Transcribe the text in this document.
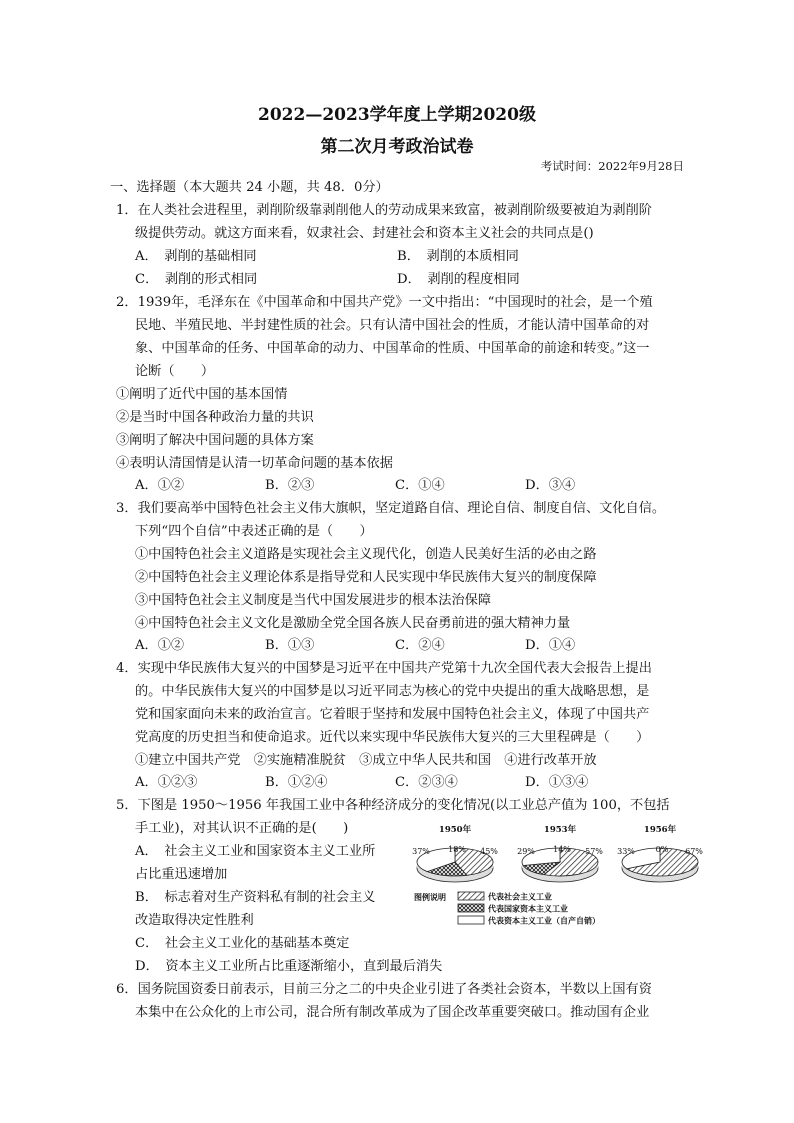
2022—2023学年度上学期2020级
第二次月考政治试卷
考试时间：2022年9月28日
一、选择题（本大题共 24 小题，共 48．0分）
1．在人类社会进程里，剥削阶级靠剥削他人的劳动成果来致富，被剥削阶级要被迫为剥削阶
级提供劳动。就这方面来看，奴隶社会、封建社会和资本主义社会的共同点是()
A．　剥削的基础相同	B．　剥削的本质相同
C．　剥削的形式相同	D．　剥削的程度相同
2．1939年，毛泽东在《中国革命和中国共产党》一文中指出：“中国现时的社会，是一个殖
民地、半殖民地、半封建性质的社会。只有认清中国社会的性质，才能认清中国革命的对
象、中国革命的任务、中国革命的动力、中国革命的性质、中国革命的前途和转变。”这一
论断（　　）
①阐明了近代中国的基本国情
②是当时中国各种政治力量的共识
③阐明了解决中国问题的具体方案
④表明认清国情是认清一切革命问题的基本依据
A．①②	B．②③	C．①④	D．③④
3．我们要高举中国特色社会主义伟大旗帜，坚定道路自信、理论自信、制度自信、文化自信。
下列“四个自信”中表述正确的是（　　）
①中国特色社会主义道路是实现社会主义现代化，创造人民美好生活的必由之路
②中国特色社会主义理论体系是指导党和人民实现中华民族伟大复兴的制度保障
③中国特色社会主义制度是当代中国发展进步的根本法治保障
④中国特色社会主义文化是激励全党全国各族人民奋勇前进的强大精神力量
A．①②	B．①③	C．②④	D．①④
4．实现中华民族伟大复兴的中国梦是习近平在中国共产党第十九次全国代表大会报告上提出
的。中华民族伟大复兴的中国梦是以习近平同志为核心的党中央提出的重大战略思想，是
党和国家面向未来的政治宣言。它着眼于坚持和发展中国特色社会主义，体现了中国共产
党高度的历史担当和使命追求。近代以来实现中华民族伟大复兴的三大里程碑是（　　）
①建立中国共产党　②实施精准脱贫　③成立中华人民共和国　④进行改革开放
A．①②③	B．①②④	C．②③④	D．①③④
5．下图是 1950～1956 年我国工业中各种经济成分的变化情况(以工业总产值为 100，不包括
手工业)，对其认识不正确的是(　　)
A．　社会主义工业和国家资本主义工业所
占比重迅速增加
B．　标志着对生产资料私有制的社会主义
改造取得决定性胜利
C．　社会主义工业化的基础基本奠定
D．　资本主义工业所占比重逐渐缩小，直到最后消失
1950年
45%
18%
37%
1953年
57%
14%
29%
1956年
67%
0%
33%
图例说明	代表社会主义工业
代表国家资本主义工业
代表资本主义工业（自产自销）
6．国务院国资委日前表示，目前三分之二的中央企业引进了各类社会资本，半数以上国有资
本集中在公众化的上市公司，混合所有制改革成为了国企改革重要突破口。推动国有企业
